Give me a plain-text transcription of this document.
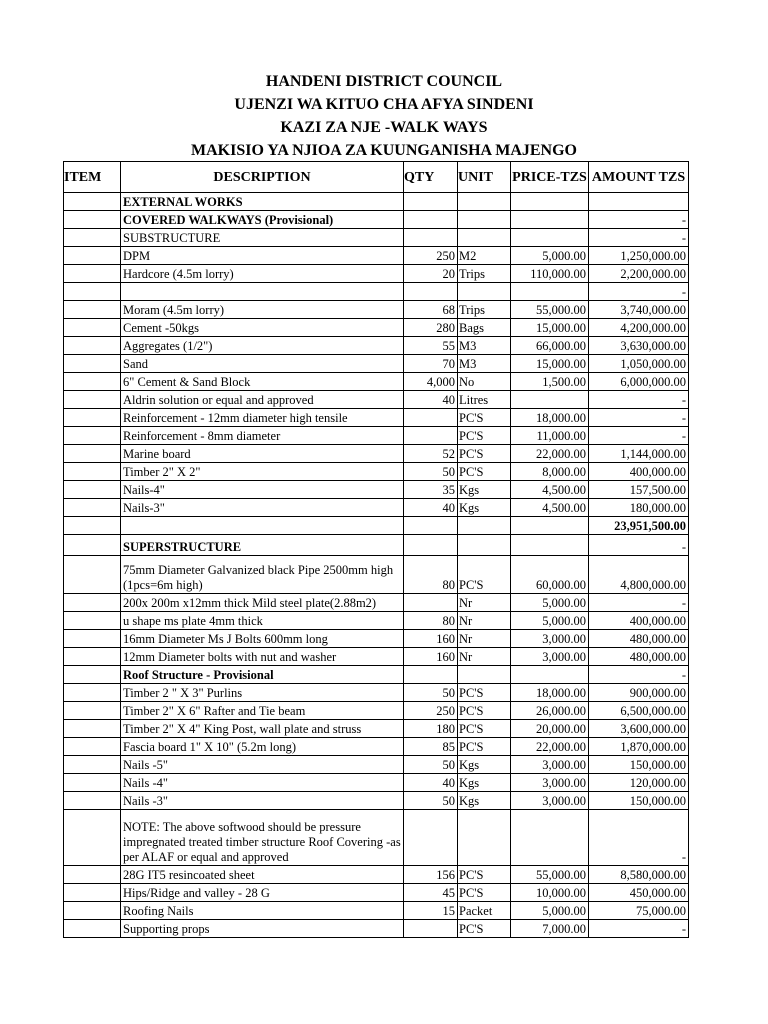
HANDENI DISTRICT COUNCIL
UJENZI WA KITUO CHA AFYA SINDENI
KAZI ZA NJE -WALK WAYS
MAKISIO YA NJIOA ZA KUUNGANISHA MAJENGO
ITEM	DESCRIPTION	QTY	UNIT	PRICE-TZS	AMOUNT TZS
	EXTERNAL WORKS				
	COVERED WALKWAYS (Provisional)				-
	SUBSTRUCTURE				-
	DPM	250	M2	5,000.00	1,250,000.00
	Hardcore (4.5m lorry)	20	Trips	110,000.00	2,200,000.00
					-
	Moram (4.5m lorry)	68	Trips	55,000.00	3,740,000.00
	Cement -50kgs	280	Bags	15,000.00	4,200,000.00
	Aggregates (1/2")	55	M3	66,000.00	3,630,000.00
	Sand	70	M3	15,000.00	1,050,000.00
	6" Cement & Sand Block	4,000	No	1,500.00	6,000,000.00
	Aldrin solution or equal and approved	40	Litres		-
	Reinforcement - 12mm diameter high tensile		PC'S	18,000.00	-
	Reinforcement - 8mm diameter		PC'S	11,000.00	-
	Marine board	52	PC'S	22,000.00	1,144,000.00
	Timber 2" X 2"	50	PC'S	8,000.00	400,000.00
	Nails-4"	35	Kgs	4,500.00	157,500.00
	Nails-3"	40	Kgs	4,500.00	180,000.00
					23,951,500.00
	SUPERSTRUCTURE				-
	75mm Diameter Galvanized black Pipe 2500mm high (1pcs=6m high)	80	PC'S	60,000.00	4,800,000.00
	200x 200m x12mm thick Mild steel plate(2.88m2)		Nr	5,000.00	-
	u shape ms plate 4mm thick	80	Nr	5,000.00	400,000.00
	16mm Diameter Ms J Bolts 600mm long	160	Nr	3,000.00	480,000.00
	12mm Diameter bolts with nut and washer	160	Nr	3,000.00	480,000.00
	Roof Structure - Provisional				-
	Timber 2 " X 3" Purlins	50	PC'S	18,000.00	900,000.00
	Timber 2" X 6" Rafter and Tie beam	250	PC'S	26,000.00	6,500,000.00
	Timber 2" X 4" King Post, wall plate and struss	180	PC'S	20,000.00	3,600,000.00
	Fascia board 1" X 10" (5.2m long)	85	PC'S	22,000.00	1,870,000.00
	Nails -5"	50	Kgs	3,000.00	150,000.00
	Nails -4"	40	Kgs	3,000.00	120,000.00
	Nails -3"	50	Kgs	3,000.00	150,000.00
	NOTE: The above softwood should be pressure impregnated treated timber structure Roof Covering -as per ALAF or equal and approved				-
	28G IT5 resincoated sheet	156	PC'S	55,000.00	8,580,000.00
	Hips/Ridge and valley - 28 G	45	PC'S	10,000.00	450,000.00
	Roofing Nails	15	Packet	5,000.00	75,000.00
	Supporting props		PC'S	7,000.00	-
